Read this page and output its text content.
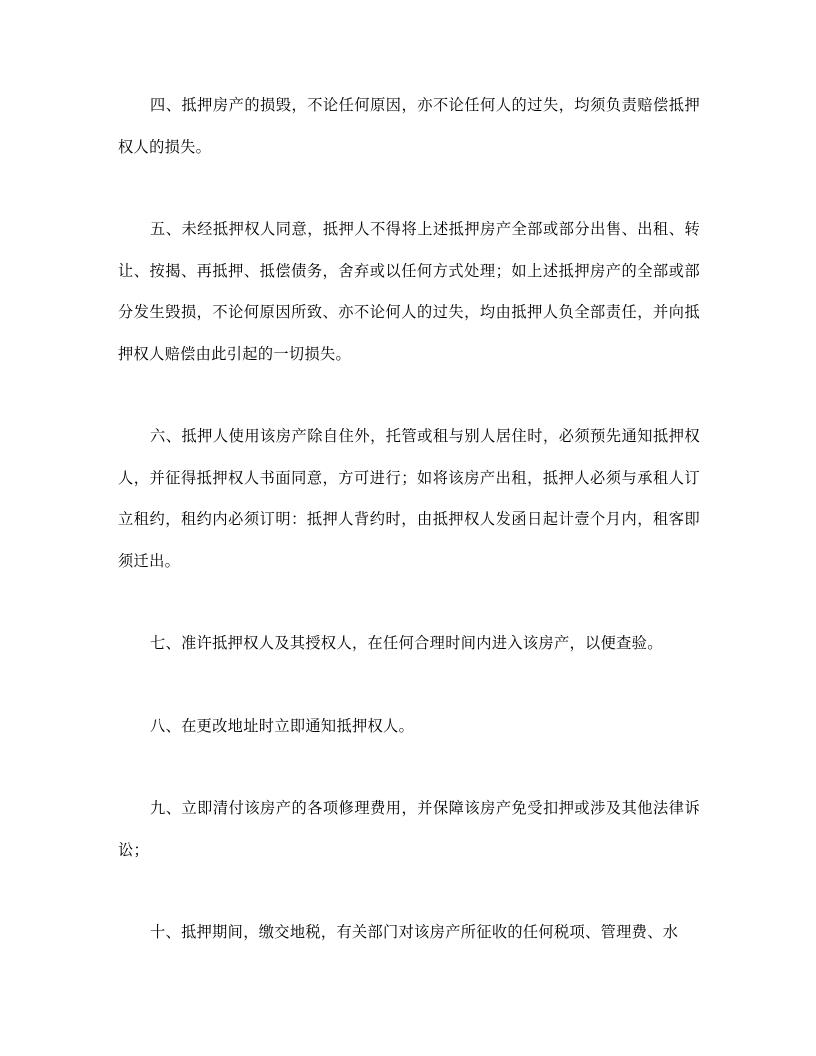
四、抵押房产的损毁，不论任何原因，亦不论任何人的过失，均须负责赔偿抵押权人的损失。

五、未经抵押权人同意，抵押人不得将上述抵押房产全部或部分出售、出租、转让、按揭、再抵押、抵偿债务，舍弃或以任何方式处理；如上述抵押房产的全部或部分发生毁损，不论何原因所致、亦不论何人的过失，均由抵押人负全部责任，并向抵押权人赔偿由此引起的一切损失。

六、抵押人使用该房产除自住外，托管或租与别人居住时，必须预先通知抵押权人，并征得抵押权人书面同意，方可进行；如将该房产出租，抵押人必须与承租人订立租约，租约内必须订明：抵押人背约时，由抵押权人发函日起计壹个月内，租客即须迁出。

七、准许抵押权人及其授权人，在任何合理时间内进入该房产，以便查验。

八、在更改地址时立即通知抵押权人。

九、立即清付该房产的各项修理费用，并保障该房产免受扣押或涉及其他法律诉讼；

十、抵押期间，缴交地税，有关部门对该房产所征收的任何税项、管理费、水
